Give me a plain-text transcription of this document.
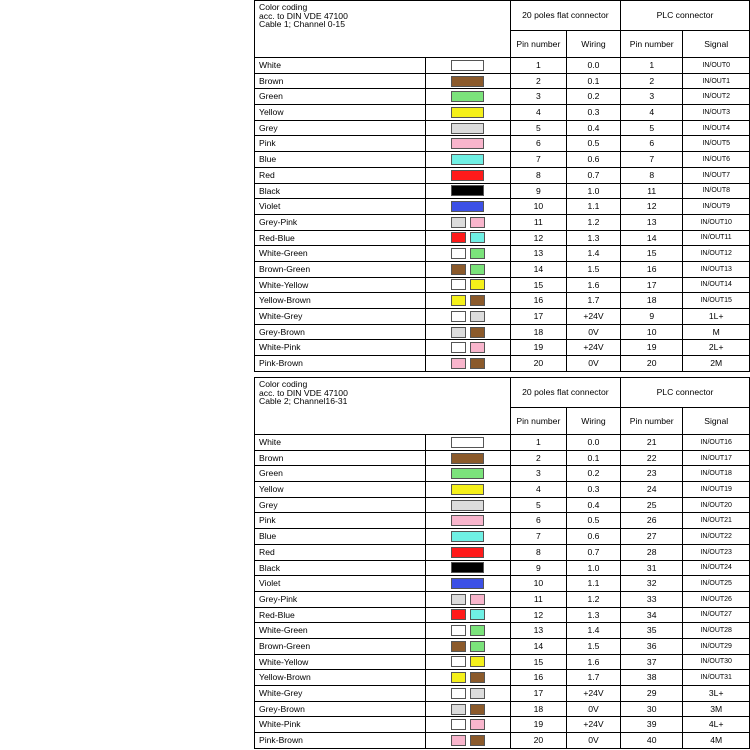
Color coding
acc. to DIN VDE 47100
Cable 1; Channel 0-15		20 poles flat connector		PLC connector	
		Pin number	Wiring	Pin number	Signal
White		1	0.0	1	IN/OUT0
Brown		2	0.1	2	IN/OUT1
Green		3	0.2	3	IN/OUT2
Yellow		4	0.3	4	IN/OUT3
Grey		5	0.4	5	IN/OUT4
Pink		6	0.5	6	IN/OUT5
Blue		7	0.6	7	IN/OUT6
Red		8	0.7	8	IN/OUT7
Black		9	1.0	11	IN/OUT8
Violet		10	1.1	12	IN/OUT9
Grey-Pink		11	1.2	13	IN/OUT10
Red-Blue		12	1.3	14	IN/OUT11
White-Green		13	1.4	15	IN/OUT12
Brown-Green		14	1.5	16	IN/OUT13
White-Yellow		15	1.6	17	IN/OUT14
Yellow-Brown		16	1.7	18	IN/OUT15
White-Grey		17	+24V	9	1L+
Grey-Brown		18	0V	10	M
White-Pink		19	+24V	19	2L+
Pink-Brown		20	0V	20	2M
Color coding
acc. to DIN VDE 47100
Cable 2; Channel16-31		20 poles flat connector		PLC connector	
		Pin number	Wiring	Pin number	Signal
White		1	0.0	21	IN/OUT16
Brown		2	0.1	22	IN/OUT17
Green		3	0.2	23	IN/OUT18
Yellow		4	0.3	24	IN/OUT19
Grey		5	0.4	25	IN/OUT20
Pink		6	0.5	26	IN/OUT21
Blue		7	0.6	27	IN/OUT22
Red		8	0.7	28	IN/OUT23
Black		9	1.0	31	IN/OUT24
Violet		10	1.1	32	IN/OUT25
Grey-Pink		11	1.2	33	IN/OUT26
Red-Blue		12	1.3	34	IN/OUT27
White-Green		13	1.4	35	IN/OUT28
Brown-Green		14	1.5	36	IN/OUT29
White-Yellow		15	1.6	37	IN/OUT30
Yellow-Brown		16	1.7	38	IN/OUT31
White-Grey		17	+24V	29	3L+
Grey-Brown		18	0V	30	3M
White-Pink		19	+24V	39	4L+
Pink-Brown		20	0V	40	4M
